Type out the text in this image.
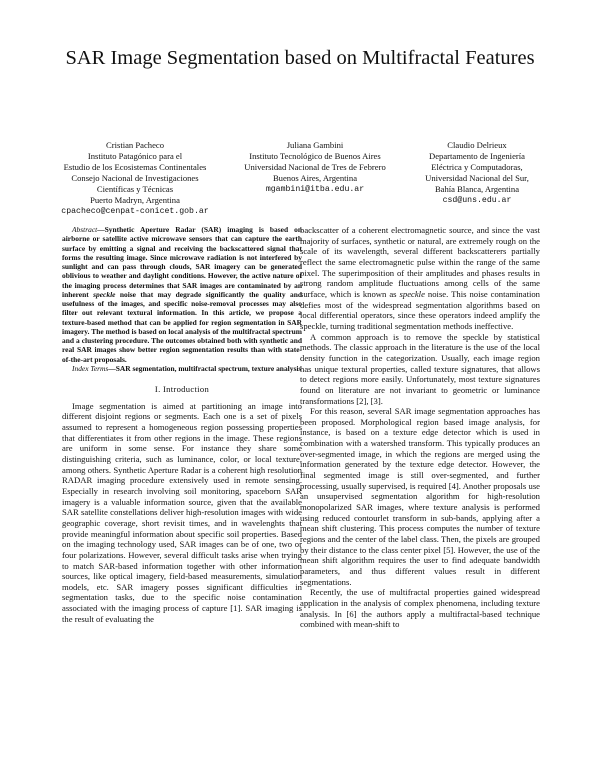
SAR Image Segmentation based on Multifractal Features
Cristian Pacheco
Instituto Patagónico para el
Estudio de los Ecosistemas Continentales
Consejo Nacional de Investigaciones
Científicas y Técnicas
Puerto Madryn, Argentina
cpacheco@cenpat-conicet.gob.ar
Juliana Gambini
Instituto Tecnológico de Buenos Aires
Universidad Nacional de Tres de Febrero
Buenos Aires, Argentina
mgambini@itba.edu.ar
Claudio Delrieux
Departamento de Ingeniería
Eléctrica y Computadoras,
Universidad Nacional del Sur,
Bahía Blanca, Argentina
csd@uns.edu.ar

Abstract—Synthetic Aperture Radar (SAR) imaging is based on airborne or satellite active microwave sensors that can capture the earth surface by emitting a signal and receiving the backscattered signal that forms the resulting image. Since microwave radiation is not interfered by sunlight and can pass through clouds, SAR imagery can be generated oblivious to weather and daylight conditions. However, the active nature of the imaging process determines that SAR images are contaminated by an inherent speckle noise that may degrade significantly the quality and usefulness of the images, and specific noise-removal processes may also filter out relevant textural information. In this article, we propose a texture-based method that can be applied for region segmentation in SAR imagery. The method is based on local analysis of the multifractal spectrum and a clustering procedure. The outcomes obtained both with synthetic and real SAR images show better region segmentation results than with state-of-the-art proposals.

Index Terms—SAR segmentation, multifractal spectrum, texture analysis

I. Introduction

Image segmentation is aimed at partitioning an image into different disjoint regions or segments. Each one is a set of pixels assumed to represent a homogeneous region possessing properties that differentiates it from other regions in the image. These regions are uniform in some sense. For instance they share some distinguishing criteria, such as luminance, color, or local texture, among others. Synthetic Aperture Radar is a coherent high resolution RADAR imaging procedure extensively used in remote sensing. Especially in research involving soil monitoring, spaceborn SAR imagery is a valuable information source, given that the available SAR satellite constellations deliver high-resolution images with wide geographic coverage, short revisit times, and in wavelenghts that provide meaningful information about specific soil properties. Based on the imaging technology used, SAR images can be of one, two or four polarizations. However, several difficult tasks arise when trying to match SAR-based information together with other information sources, like optical imagery, field-based measurements, simulation models, etc. SAR imagery posses significant difficulties in segmentation tasks, due to the specific noise contamination associated with the imaging process of capture [1]. SAR imaging is the result of evaluating the

backscatter of a coherent electromagnetic source, and since the vast majority of surfaces, synthetic or natural, are extremely rough on the scale of its wavelength, several different backscatterers partially reflect the same electromagnetic pulse within the range of the same pixel. The superimposition of their amplitudes and phases results in strong random amplitude fluctuations among cells of the same surface, which is known as speckle noise. This noise contamination defies most of the widespread segmentation algorithms based on local differential operators, since these operators indeed amplify the speckle, turning traditional segmentation methods ineffective.

A common approach is to remove the speckle by statistical methods. The classic approach in the literature is the use of the local density function in the categorization. Usually, each image region has unique textural properties, called texture signatures, that allows to detect regions more easily. Unfortunately, most texture signatures found on literature are not invariant to geometric or luminance transformations [2], [3].

For this reason, several SAR image segmentation approaches has been proposed. Morphological region based image analysis, for instance, is based on a texture edge detector which is used in combination with a watershed transform. This typically produces an over-segmented image, in which the regions are merged using the information generated by the texture edge detector. However, the final segmented image is still over-segmented, and further processing, usually supervised, is required [4]. Another proposals use an unsupervised segmentation algorithm for high-resolution monopolarized SAR images, where texture analysis is performed using reduced contourlet transform in sub-bands, applying after a mean shift clustering. This process computes the number of texture regions and the center of the label class. Then, the pixels are grouped by their distance to the class center pixel [5]. However, the use of the mean shift algorithm requires the user to find adequate bandwidth parameters, and thus different values result in different segmentations.

Recently, the use of multifractal properties gained widespread application in the analysis of complex phenomena, including texture analysis. In [6] the authors apply a multifractal-based technique combined with mean-shift to
